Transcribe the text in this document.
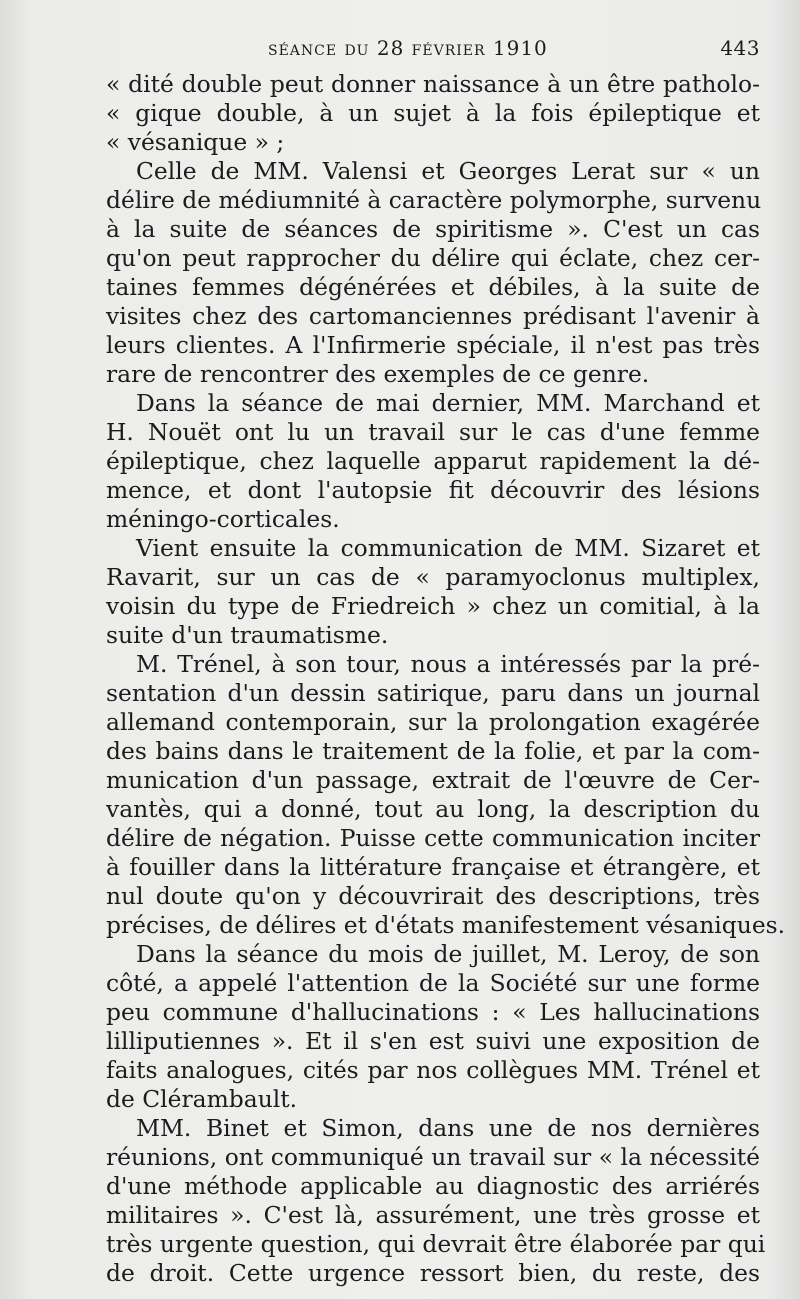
séance du 28 février 1910	443
« dité double peut donner naissance à un être patholo-
« gique double, à un sujet à la fois épileptique et
« vésanique » ;
Celle de MM. Valensi et Georges Lerat sur « un
délire de médiumnité à caractère polymorphe, survenu
à la suite de séances de spiritisme ». C'est un cas
qu'on peut rapprocher du délire qui éclate, chez cer-
taines femmes dégénérées et débiles, à la suite de
visites chez des cartomanciennes prédisant l'avenir à
leurs clientes. A l'Infirmerie spéciale, il n'est pas très
rare de rencontrer des exemples de ce genre.
Dans la séance de mai dernier, MM. Marchand et
H. Nouët ont lu un travail sur le cas d'une femme
épileptique, chez laquelle apparut rapidement la dé-
mence, et dont l'autopsie fit découvrir des lésions
méningo-corticales.
Vient ensuite la communication de MM. Sizaret et
Ravarit, sur un cas de « paramyoclonus multiplex,
voisin du type de Friedreich » chez un comitial, à la
suite d'un traumatisme.
M. Trénel, à son tour, nous a intéressés par la pré-
sentation d'un dessin satirique, paru dans un journal
allemand contemporain, sur la prolongation exagérée
des bains dans le traitement de la folie, et par la com-
munication d'un passage, extrait de l'œuvre de Cer-
vantès, qui a donné, tout au long, la description du
délire de négation. Puisse cette communication inciter
à fouiller dans la littérature française et étrangère, et
nul doute qu'on y découvrirait des descriptions, très
précises, de délires et d'états manifestement vésaniques.
Dans la séance du mois de juillet, M. Leroy, de son
côté, a appelé l'attention de la Société sur une forme
peu commune d'hallucinations : « Les hallucinations
lilliputiennes ». Et il s'en est suivi une exposition de
faits analogues, cités par nos collègues MM. Trénel et
de Clérambault.
MM. Binet et Simon, dans une de nos dernières
réunions, ont communiqué un travail sur « la nécessité
d'une méthode applicable au diagnostic des arriérés
militaires ». C'est là, assurément, une très grosse et
très urgente question, qui devrait être élaborée par qui
de droit. Cette urgence ressort bien, du reste, des
